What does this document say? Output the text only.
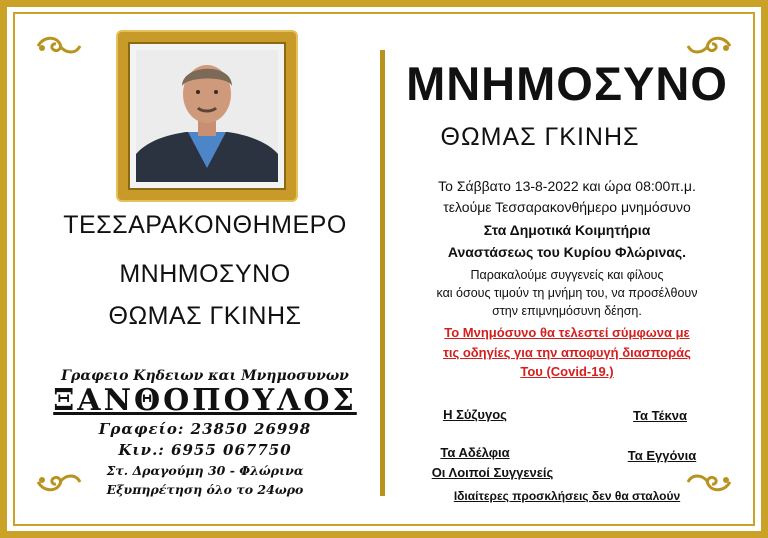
ΤΕΣΣΑΡΑΚΟΝΘΗΜΕΡΟ
ΜΝΗΜΟΣΥΝΟ
ΘΩΜΑΣ ΓΚΙΝΗΣ
Γραφειο Κηδειων και Μνημοσυνων
ΞΑΝΘΟΠΟΥΛΟΣ
Γραφείο: 23850 26998
Κιν.: 6955 067750
Στ. Δραγούμη 30 - Φλώρινα
Εξυπηρέτηση όλο το 24ωρο
ΜΝΗΜΟΣΥΝΟ
ΘΩΜΑΣ ΓΚΙΝΗΣ
Το Σάββατο 13-8-2022 και ώρα 08:00π.μ.
τελούμε Τεσσαρακονθήμερο μνημόσυνο
Στα Δημοτικά Κοιμητήρια
Αναστάσεως του Κυρίου Φλώρινας.
Παρακαλούμε συγγενείς και φίλους
και όσους τιμούν τη μνήμη του, να προσέλθουν
στην επιμνημόσυνη δέηση.
Το Μνημόσυνο θα τελεστεί σύμφωνα με
τις οδηγίες για την αποφυγή διασποράς
Του (Covid-19.)
Η Σύζυγος	Τα Τέκνα
Τα Αδέλφια	Τα Εγγόνια
Οι Λοιποί Συγγενείς
Ιδιαίτερες προσκλήσεις δεν θα σταλούν
